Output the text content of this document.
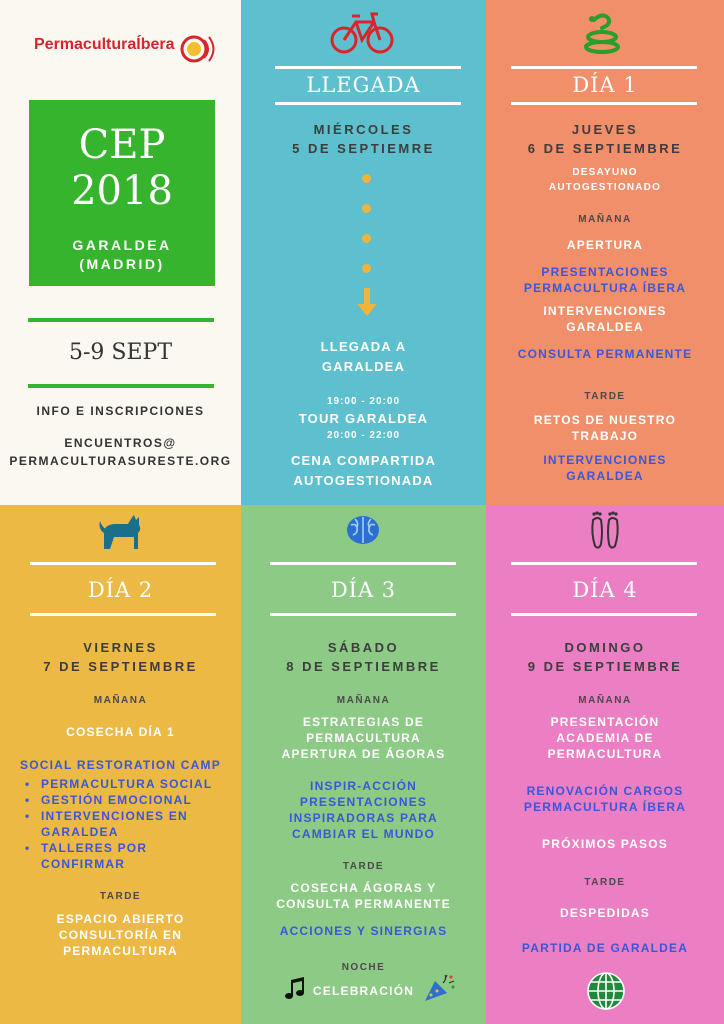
PermaculturaÍbera
CEP
2018
GARALDEA
(MADRID)
5-9 SEPT
INFO E INSCRIPCIONES
ENCUENTROS@
PERMACULTURASURESTE.ORG
LLEGADA
MIÉRCOLES
5 DE SEPTIEMRE
LLEGADA A
GARALDEA
19:00 - 20:00
TOUR GARALDEA
20:00 - 22:00
CENA COMPARTIDA
AUTOGESTIONADA
DÍA 1
JUEVES
6 DE SEPTIEMBRE
DESAYUNO
AUTOGESTIONADO
MAÑANA
APERTURA
PRESENTACIONES
PERMACULTURA ÍBERA
INTERVENCIONES
GARALDEA
CONSULTA PERMANENTE
TARDE
RETOS DE NUESTRO
TRABAJO
INTERVENCIONES
GARALDEA
DÍA 2
VIERNES
7 DE SEPTIEMBRE
MAÑANA
COSECHA DÍA 1
SOCIAL RESTORATION CAMP
• PERMACULTURA SOCIAL
• GESTIÓN EMOCIONAL
• INTERVENCIONES EN GARALDEA
• TALLERES POR CONFIRMAR
TARDE
ESPACIO ABIERTO
CONSULTORÍA EN
PERMACULTURA
DÍA 3
SÁBADO
8 DE SEPTIEMBRE
MAÑANA
ESTRATEGIAS DE
PERMACULTURA
APERTURA DE ÁGORAS
INSPIR-ACCIÓN
PRESENTACIONES
INSPIRADORAS PARA
CAMBIAR EL MUNDO
TARDE
COSECHA ÁGORAS Y
CONSULTA PERMANENTE
ACCIONES Y SINERGIAS
NOCHE
CELEBRACIÓN
DÍA 4
DOMINGO
9 DE SEPTIEMBRE
MAÑANA
PRESENTACIÓN
ACADEMIA DE
PERMACULTURA
RENOVACIÓN CARGOS
PERMACULTURA ÍBERA
PRÓXIMOS PASOS
TARDE
DESPEDIDAS
PARTIDA DE GARALDEA
